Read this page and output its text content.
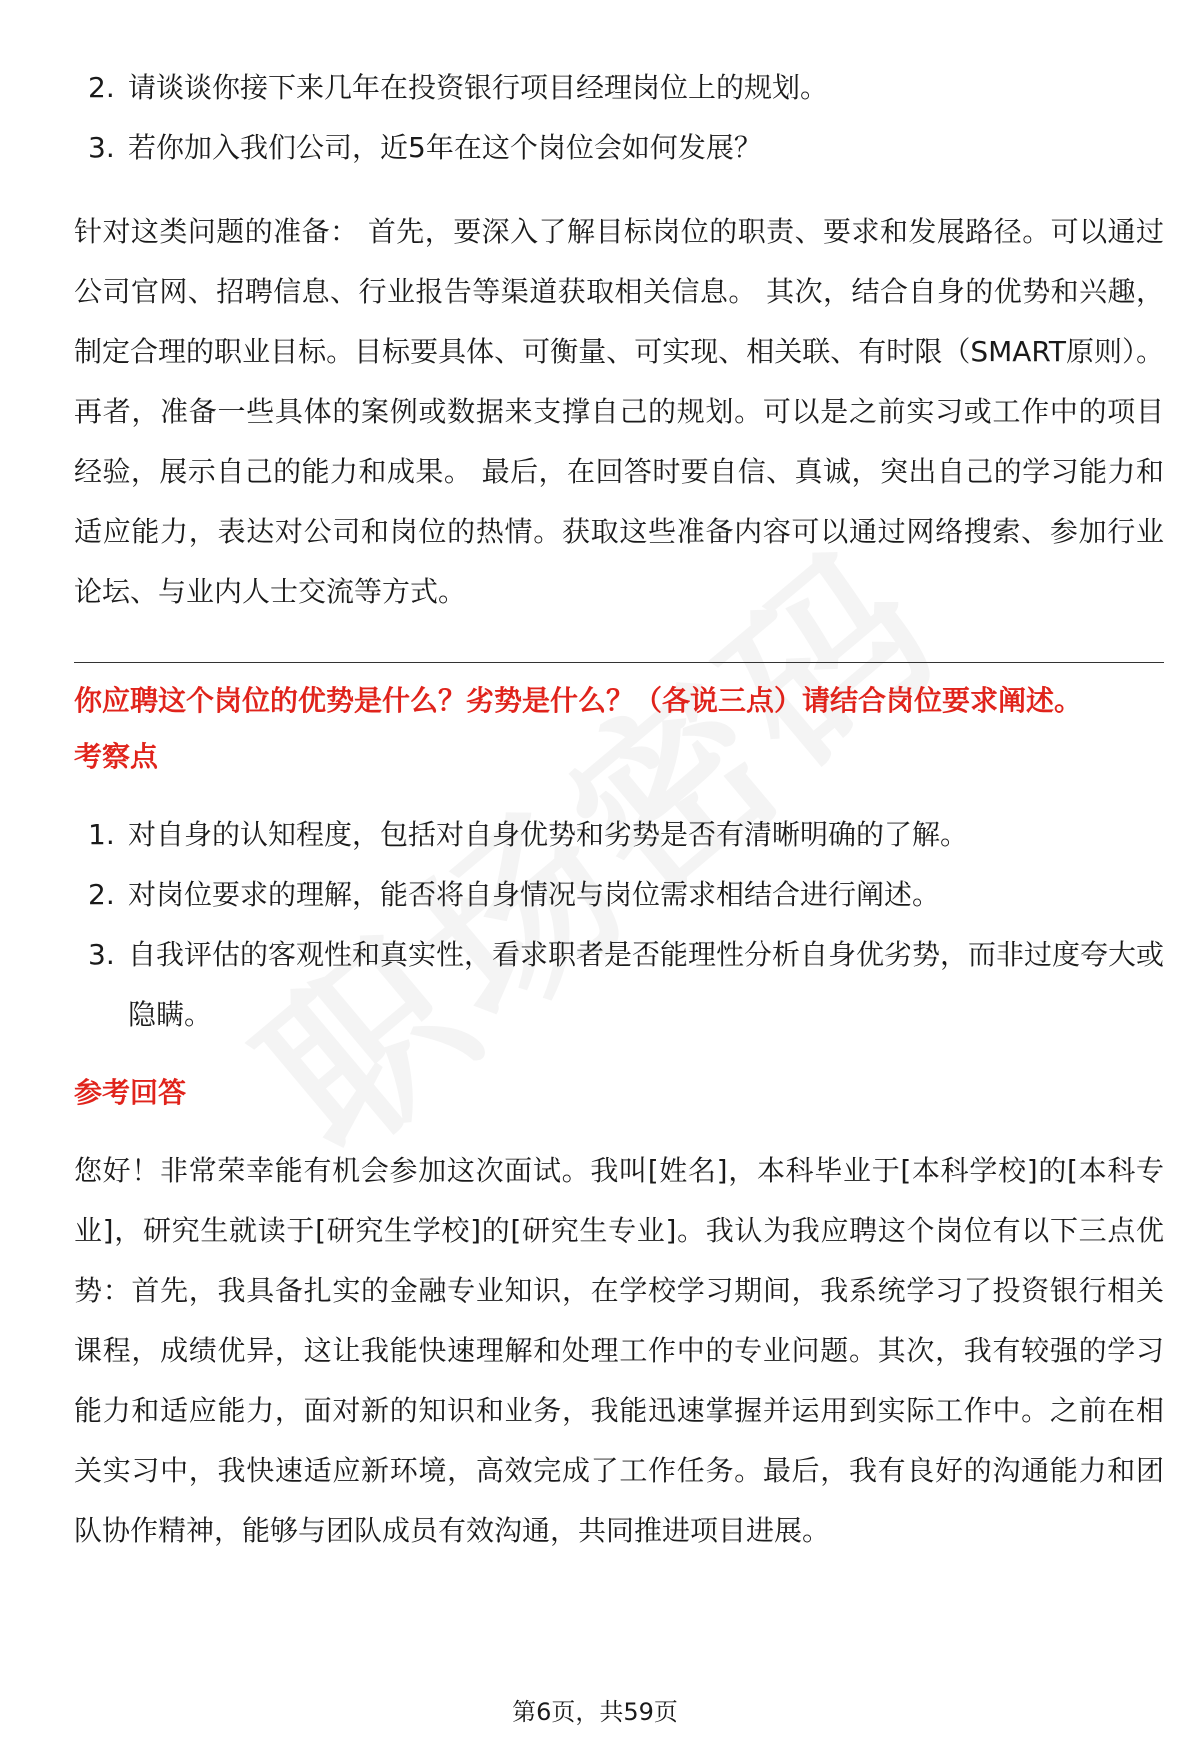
2. 请谈谈你接下来几年在投资银行项目经理岗位上的规划。
3. 若你加入我们公司，近5年在这个岗位会如何发展？

针对这类问题的准备： 首先，要深入了解目标岗位的职责、要求和发展路径。可以通过公司官网、招聘信息、行业报告等渠道获取相关信息。 其次，结合自身的优势和兴趣，制定合理的职业目标。目标要具体、可衡量、可实现、相关联、有时限（SMART原则）。 再者，准备一些具体的案例或数据来支撑自己的规划。可以是之前实习或工作中的项目经验，展示自己的能力和成果。 最后，在回答时要自信、真诚，突出自己的学习能力和适应能力，表达对公司和岗位的热情。获取这些准备内容可以通过网络搜索、参加行业论坛、与业内人士交流等方式。

你应聘这个岗位的优势是什么？劣势是什么？（各说三点）请结合岗位要求阐述。

考察点

1. 对自身的认知程度，包括对自身优势和劣势是否有清晰明确的了解。
2. 对岗位要求的理解，能否将自身情况与岗位需求相结合进行阐述。
3. 自我评估的客观性和真实性，看求职者是否能理性分析自身优劣势，而非过度夸大或隐瞒。

参考回答

您好！非常荣幸能有机会参加这次面试。我叫[姓名]，本科毕业于[本科学校]的[本科专业]，研究生就读于[研究生学校]的[研究生专业]。我认为我应聘这个岗位有以下三点优势：首先，我具备扎实的金融专业知识，在学校学习期间，我系统学习了投资银行相关课程，成绩优异，这让我能快速理解和处理工作中的专业问题。其次，我有较强的学习能力和适应能力，面对新的知识和业务，我能迅速掌握并运用到实际工作中。之前在相关实习中，我快速适应新环境，高效完成了工作任务。最后，我有良好的沟通能力和团队协作精神，能够与团队成员有效沟通，共同推进项目进展。

第6页，共59页
